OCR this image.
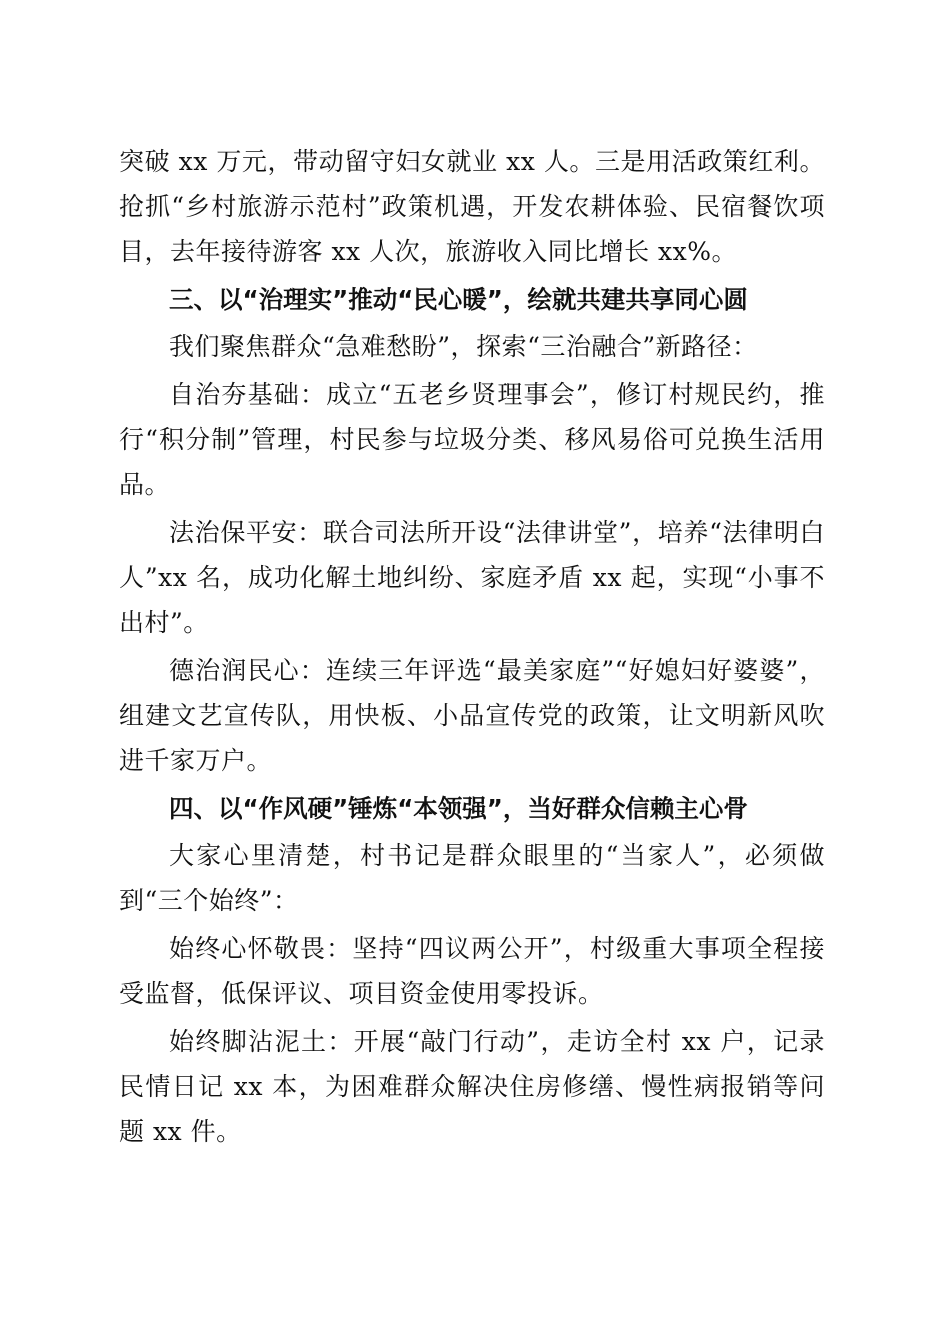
突破 xx 万元，带动留守妇女就业 xx 人。三是用活政策红利。抢抓“乡村旅游示范村”政策机遇，开发农耕体验、民宿餐饮项目，去年接待游客 xx 人次，旅游收入同比增长 xx%。

三、以“治理实”推动“民心暖”，绘就共建共享同心圆

我们聚焦群众“急难愁盼”，探索“三治融合”新路径：

自治夯基础：成立“五老乡贤理事会”，修订村规民约，推行“积分制”管理，村民参与垃圾分类、移风易俗可兑换生活用品。

法治保平安：联合司法所开设“法律讲堂”，培养“法律明白人”xx 名，成功化解土地纠纷、家庭矛盾 xx 起，实现“小事不出村”。

德治润民心：连续三年评选“最美家庭”“好媳妇好婆婆”，组建文艺宣传队，用快板、小品宣传党的政策，让文明新风吹进千家万户。

四、以“作风硬”锤炼“本领强”，当好群众信赖主心骨

大家心里清楚，村书记是群众眼里的“当家人”，必须做到“三个始终”：

始终心怀敬畏：坚持“四议两公开”，村级重大事项全程接受监督，低保评议、项目资金使用零投诉。

始终脚沾泥土：开展“敲门行动”，走访全村 xx 户，记录民情日记 xx 本，为困难群众解决住房修缮、慢性病报销等问题 xx 件。
